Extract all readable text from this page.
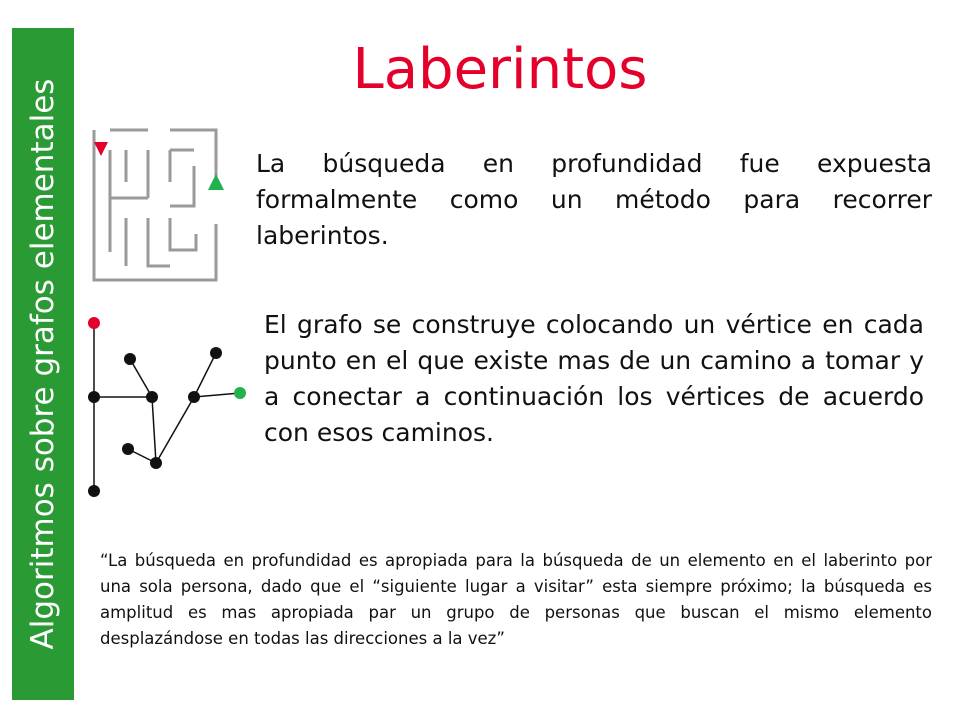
Algoritmos sobre grafos elementales
Laberintos

La búsqueda en profundidad fue expuesta formalmente como un método para recorrer laberintos.

El grafo se construye colocando un vértice en cada punto en el que existe mas de un camino a tomar y a conectar a continuación los vértices de acuerdo con esos caminos.

“La búsqueda en profundidad es apropiada para la búsqueda de un elemento en el laberinto por una sola persona, dado que el “siguiente lugar a visitar” esta siempre próximo; la búsqueda es amplitud es mas apropiada par un grupo de personas que buscan el mismo elemento desplazándose en todas las direcciones a la vez”
